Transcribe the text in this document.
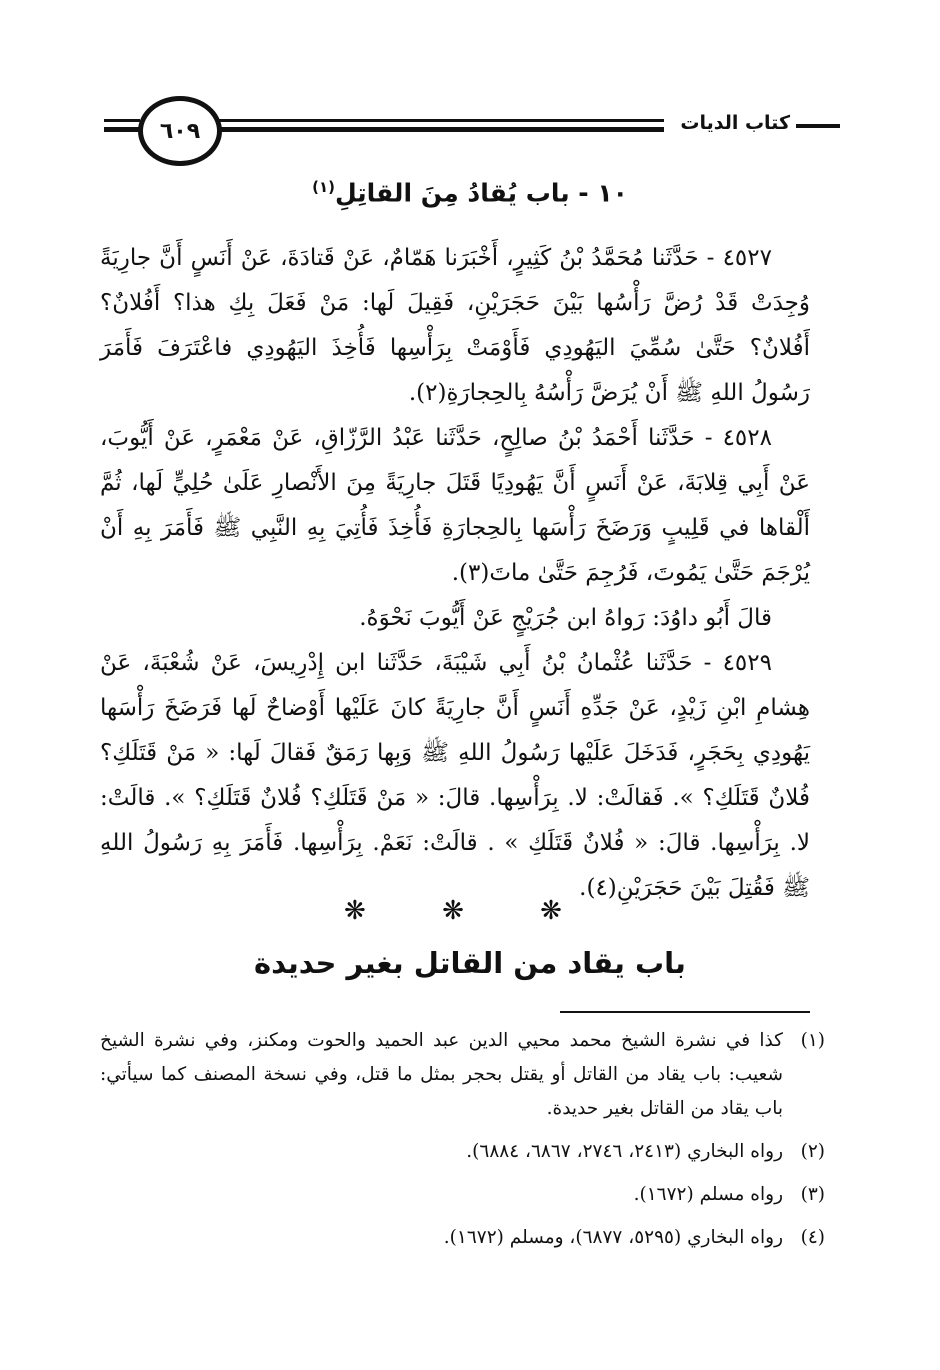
كتاب الديات
٦٠٩
١٠ - باب يُقادُ مِنَ القاتِلِ$^{(١)}$

٤٥٢٧ - حَدَّثَنا مُحَمَّدُ بْنُ كَثِيرٍ، أَخْبَرَنا هَمّامٌ، عَنْ قَتادَةَ، عَنْ أَنَسٍ أَنَّ جارِيَةً وُجِدَتْ قَدْ رُضَّ رَأْسُها بَيْنَ حَجَرَيْنِ، فَقِيلَ لَها: مَنْ فَعَلَ بِكِ هذا؟ أَفُلانٌ؟ أَفُلانٌ؟ حَتَّىٰ سُمِّيَ اليَهُودِي فَأَوْمَتْ بِرَأْسِها فَأُخِذَ اليَهُودِي فاعْتَرَفَ فَأَمَرَ رَسُولُ اللهِ ﷺ أَنْ يُرَضَّ رَأْسُهُ بِالحِجارَةِ(٢).

٤٥٢٨ - حَدَّثَنا أَحْمَدُ بْنُ صالِحٍ، حَدَّثَنا عَبْدُ الرَّزّاقِ، عَنْ مَعْمَرٍ، عَنْ أَيُّوبَ، عَنْ أَبِي قِلابَةَ، عَنْ أَنَسٍ أَنَّ يَهُودِيًا قَتَلَ جارِيَةً مِنَ الأَنْصارِ عَلَىٰ حُلِيٍّ لَها، ثُمَّ أَلْقاها في قَلِيبٍ وَرَضَخَ رَأْسَها بِالحِجارَةِ فَأُخِذَ فَأُتِيَ بِهِ النَّبِي ﷺ فَأَمَرَ بِهِ أَنْ يُرْجَمَ حَتَّىٰ يَمُوتَ، فَرُجِمَ حَتَّىٰ ماتَ(٣).

قالَ أَبُو داوُدَ: رَواهُ ابن جُرَيْجٍ عَنْ أَيُّوبَ نَحْوَهُ.

٤٥٢٩ - حَدَّثَنا عُثْمانُ بْنُ أَبِي شَيْبَةَ، حَدَّثَنا ابن إِدْرِيسَ، عَنْ شُعْبَةَ، عَنْ هِشامِ ابْنِ زَيْدٍ، عَنْ جَدِّهِ أَنَسٍ أَنَّ جارِيَةً كانَ عَلَيْها أَوْضاحٌ لَها فَرَضَخَ رَأْسَها يَهُودِي بِحَجَرٍ، فَدَخَلَ عَلَيْها رَسُولُ اللهِ ﷺ وَبِها رَمَقٌ فَقالَ لَها: « مَنْ قَتَلَكِ؟ فُلانٌ قَتَلَكِ؟ ». فَقالَتْ: لا. بِرَأْسِها. قالَ: « مَنْ قَتَلَكِ؟ فُلانٌ قَتَلَكِ؟ ». قالَتْ: لا. بِرَأْسِها. قالَ: « فُلانٌ قَتَلَكِ » . قالَتْ: نَعَمْ. بِرَأْسِها. فَأَمَرَ بِهِ رَسُولُ اللهِ ﷺ فَقُتِلَ بَيْنَ حَجَرَيْنِ(٤).

❋ ❋ ❋
باب يقاد من القاتل بغير حديدة
(١)
كذا في نشرة الشيخ محمد محيي الدين عبد الحميد والحوت ومكنز، وفي نشرة الشيخ شعيب: باب يقاد من القاتل أو يقتل بحجر بمثل ما قتل، وفي نسخة المصنف كما سيأتي: باب يقاد من القاتل بغير حديدة.
(٢)
رواه البخاري (٢٤١٣، ٢٧٤٦، ٦٨٦٧، ٦٨٨٤).
(٣)
رواه مسلم (١٦٧٢).
(٤)
رواه البخاري (٥٢٩٥، ٦٨٧٧)، ومسلم (١٦٧٢).
